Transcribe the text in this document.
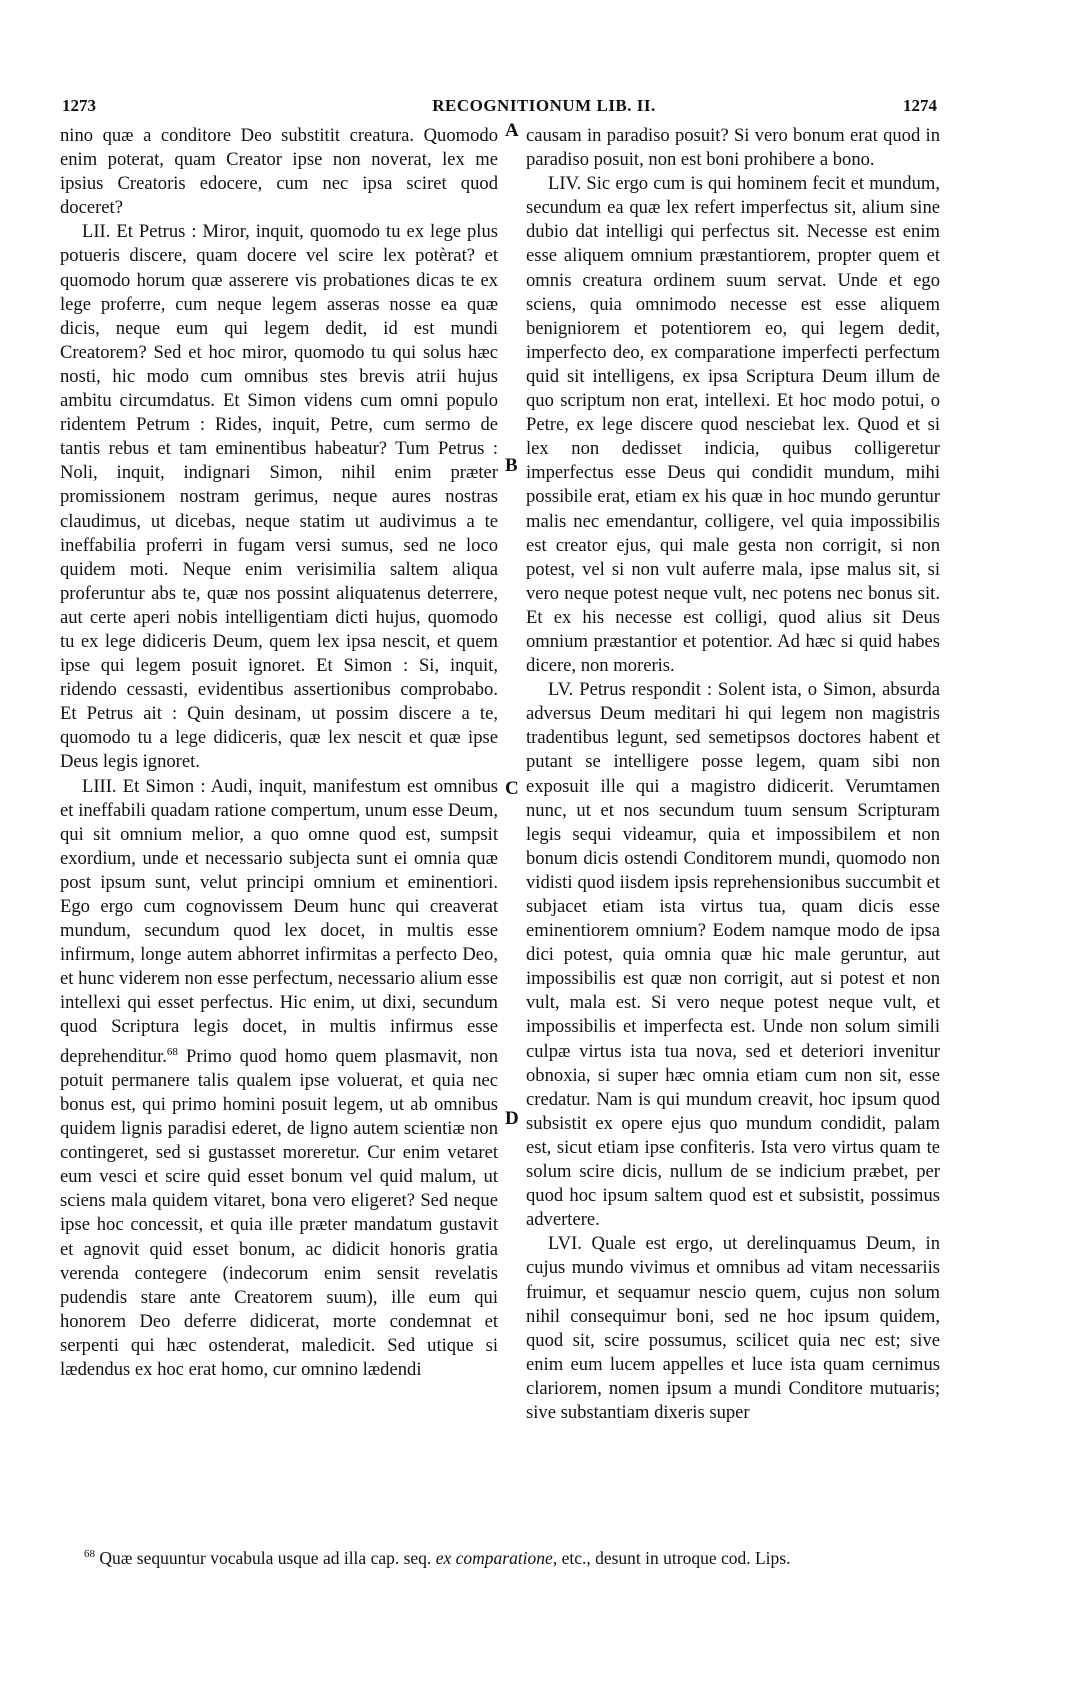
1273	RECOGNITIONUM LIB. II.	1274

nino quæ a conditore Deo substitit creatura. Quomodo enim poterat, quam Creator ipse non noverat, lex me ipsius Creatoris edocere, cum nec ipsa sciret quod doceret?

LII. Et Petrus : Miror, inquit, quomodo tu ex lege plus potueris discere, quam docere vel scire lex potèrat? et quomodo horum quæ asserere vis probationes dicas te ex lege proferre, cum neque legem asseras nosse ea quæ dicis, neque eum qui legem dedit, id est mundi Creatorem? Sed et hoc miror, quomodo tu qui solus hæc nosti, hic modo cum omnibus stes brevis atrii hujus ambitu circumdatus. Et Simon videns cum omni populo ridentem Petrum : Rides, inquit, Petre, cum sermo de tantis rebus et tam eminentibus habeatur? Tum Petrus : Noli, inquit, indignari Simon, nihil enim præter promissionem nostram gerimus, neque aures nostras claudimus, ut dicebas, neque statim ut audivimus a te ineffabilia proferri in fugam versi sumus, sed ne loco quidem moti. Neque enim verisimilia saltem aliqua proferuntur abs te, quæ nos possint aliquatenus deterrere, aut certe aperi nobis intelligentiam dicti hujus, quomodo tu ex lege didiceris Deum, quem lex ipsa nescit, et quem ipse qui legem posuit ignoret. Et Simon : Si, inquit, ridendo cessasti, evidentibus assertionibus comprobabo. Et Petrus ait : Quin desinam, ut possim discere a te, quomodo tu a lege didiceris, quæ lex nescit et quæ ipse Deus legis ignoret.

LIII. Et Simon : Audi, inquit, manifestum est omnibus et ineffabili quadam ratione compertum, unum esse Deum, qui sit omnium melior, a quo omne quod est, sumpsit exordium, unde et necessario subjecta sunt ei omnia quæ post ipsum sunt, velut principi omnium et eminentiori. Ego ergo cum cognovissem Deum hunc qui creaverat mundum, secundum quod lex docet, in multis esse infirmum, longe autem abhorret infirmitas a perfecto Deo, et hunc viderem non esse perfectum, necessario alium esse intellexi qui esset perfectus. Hic enim, ut dixi, secundum quod Scriptura legis docet, in multis infirmus esse deprehenditur.$^{68}$ Primo quod homo quem plasmavit, non potuit permanere talis qualem ipse voluerat, et quia nec bonus est, qui primo homini posuit legem, ut ab omnibus quidem lignis paradisi ederet, de ligno autem scientiæ non contingeret, sed si gustasset moreretur. Cur enim vetaret eum vesci et scire quid esset bonum vel quid malum, ut sciens mala quidem vitaret, bona vero eligeret? Sed neque ipse hoc concessit, et quia ille præter mandatum gustavit et agnovit quid esset bonum, ac didicit honoris gratia verenda contegere (indecorum enim sensit revelatis pudendis stare ante Creatorem suum), ille eum qui honorem Deo deferre didicerat, morte condemnat et serpenti qui hæc ostenderat, maledicit. Sed utique si lædendus ex hoc erat homo, cur omnino lædendi

A
B
C
D

causam in paradiso posuit? Si vero bonum erat quod in paradiso posuit, non est boni prohibere a bono.

LIV. Sic ergo cum is qui hominem fecit et mundum, secundum ea quæ lex refert imperfectus sit, alium sine dubio dat intelligi qui perfectus sit. Necesse est enim esse aliquem omnium præstantiorem, propter quem et omnis creatura ordinem suum servat. Unde et ego sciens, quia omnimodo necesse est esse aliquem benigniorem et potentiorem eo, qui legem dedit, imperfecto deo, ex comparatione imperfecti perfectum quid sit intelligens, ex ipsa Scriptura Deum illum de quo scriptum non erat, intellexi. Et hoc modo potui, o Petre, ex lege discere quod nesciebat lex. Quod et si lex non dedisset indicia, quibus colligeretur imperfectus esse Deus qui condidit mundum, mihi possibile erat, etiam ex his quæ in hoc mundo geruntur malis nec emendantur, colligere, vel quia impossibilis est creator ejus, qui male gesta non corrigit, si non potest, vel si non vult auferre mala, ipse malus sit, si vero neque potest neque vult, nec potens nec bonus sit. Et ex his necesse est colligi, quod alius sit Deus omnium præstantior et potentior. Ad hæc si quid habes dicere, non moreris.

LV. Petrus respondit : Solent ista, o Simon, absurda adversus Deum meditari hi qui legem non magistris tradentibus legunt, sed semetipsos doctores habent et putant se intelligere posse legem, quam sibi non exposuit ille qui a magistro didicerit. Verumtamen nunc, ut et nos secundum tuum sensum Scripturam legis sequi videamur, quia et impossibilem et non bonum dicis ostendi Conditorem mundi, quomodo non vidisti quod iisdem ipsis reprehensionibus succumbit et subjacet etiam ista virtus tua, quam dicis esse eminentiorem omnium? Eodem namque modo de ipsa dici potest, quia omnia quæ hic male geruntur, aut impossibilis est quæ non corrigit, aut si potest et non vult, mala est. Si vero neque potest neque vult, et impossibilis et imperfecta est. Unde non solum simili culpæ virtus ista tua nova, sed et deteriori invenitur obnoxia, si super hæc omnia etiam cum non sit, esse credatur. Nam is qui mundum creavit, hoc ipsum quod subsistit ex opere ejus quo mundum condidit, palam est, sicut etiam ipse confiteris. Ista vero virtus quam te solum scire dicis, nullum de se indicium præbet, per quod hoc ipsum saltem quod est et subsistit, possimus advertere.

LVI. Quale est ergo, ut derelinquamus Deum, in cujus mundo vivimus et omnibus ad vitam necessariis fruimur, et sequamur nescio quem, cujus non solum nihil consequimur boni, sed ne hoc ipsum quidem, quod sit, scire possumus, scilicet quia nec est; sive enim eum lucem appelles et luce ista quam cernimus clariorem, nomen ipsum a mundi Conditore mutuaris; sive substantiam dixeris super

$^{68}$ Quæ sequuntur vocabula usque ad illa cap. seq. ex comparatione, etc., desunt in utroque cod. Lips.
